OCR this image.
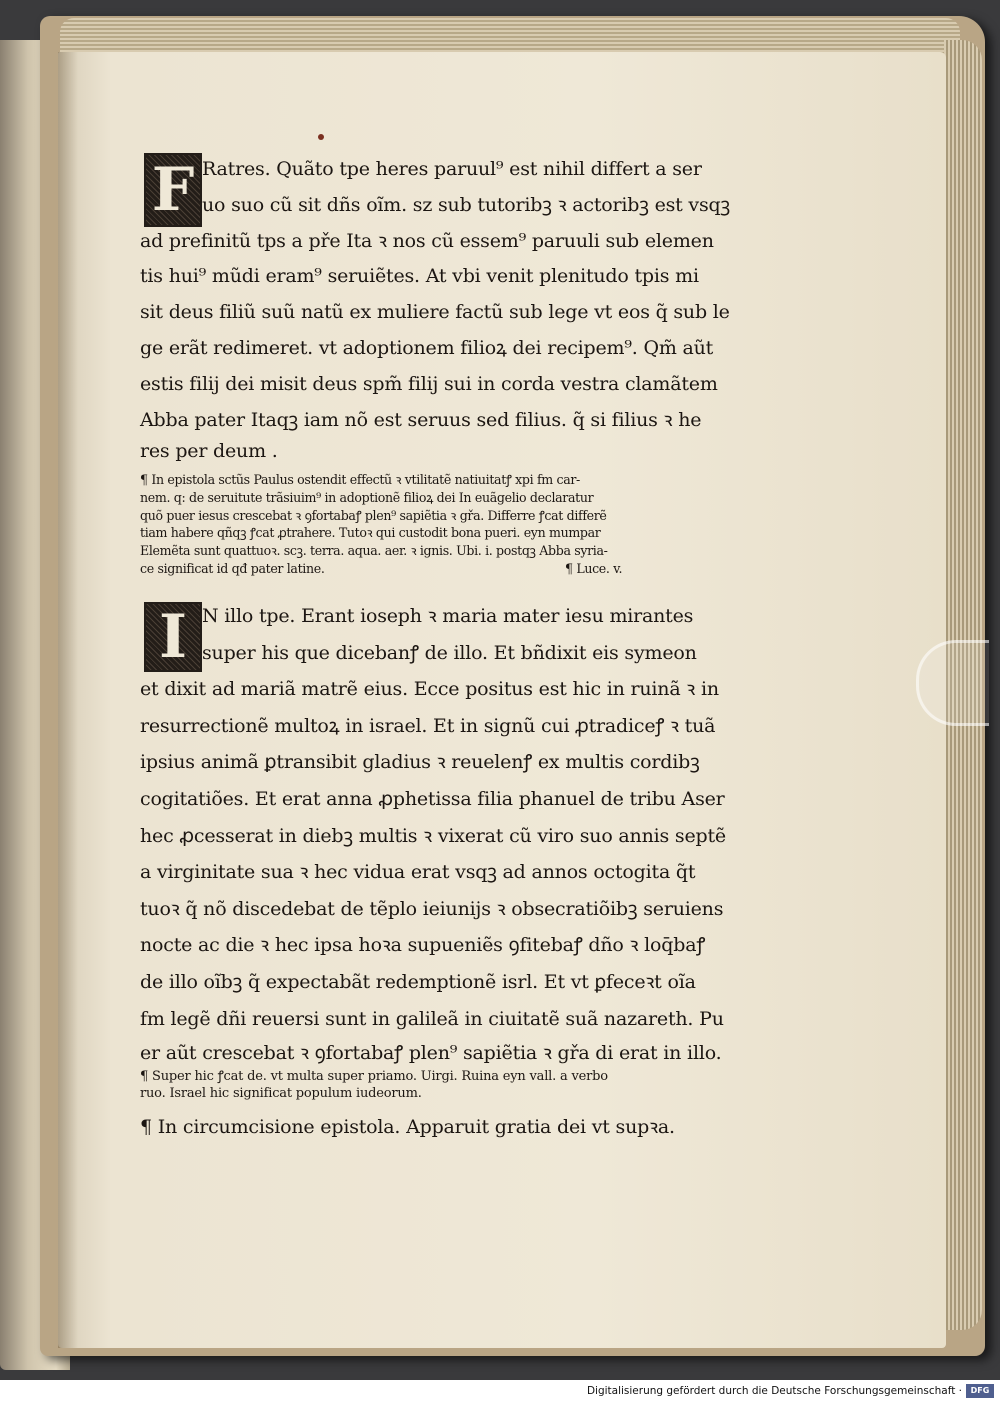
F Ratres. Quãto tpe heres paruul⁹ est nihil differt a ser
uo suo cũ sit dñs oĩm. sz sub tutoribꝫ ꝛ actoribꝫ est vsqꝫ
ad prefinitũ tps a pře Ita ꝛ nos cũ essem⁹ paruuli sub elemen
tis hui⁹ mũdi eram⁹ seruiẽtes. At vbi venit plenitudo tpis mi
sit deus filiũ suũ natũ ex muliere factũ sub lege vt eos q̃ sub le
ge erãt redimeret. vt adoptionem filioꝝ dei recipem⁹. Qm̃ aũt
estis filij dei misit deus spm̃ filij sui in corda vestra clamãtem
Abba pater Itaqꝫ iam nõ est seruus sed filius. q̃ si filius ꝛ he
res per deum .
¶ In epistola sctũs Paulus ostendit effectũ ꝛ vtilitatẽ natiuitatꝭ xpi fm car-
nem. q: de seruitute trãsiuim⁹ in adoptionẽ filioꝝ dei In euãgelio declaratur
quõ puer iesus crescebat ꝛ ꝯfortabaꝭ plen⁹ sapiẽtia ꝛ gřa. Differre ꝭcat differẽ
tiam habere qñqꝫ ꝭcat ꝓtrahere. Tutoꝛ qui custodit bona pueri. eyn mumpar
Elemẽta sunt quattuoꝛ. scꝫ. terra. aqua. aer. ꝛ ignis. Ubi. i. postqꝫ Abba syria-
ce significat id qđ pater latine.	¶ Luce. v.
I N illo tpe. Erant ioseph ꝛ maria mater iesu mirantes
super his que dicebanꝭ de illo. Et bñdixit eis symeon
et dixit ad mariã matrẽ eius. Ecce positus est hic in ruinã ꝛ in
resurrectionẽ multoꝝ in israel. Et in signũ cui ꝓtradiceꝭ ꝛ tuã
ipsius animã ꝑtransibit gladius ꝛ reuelenꝭ ex multis cordibꝫ
cogitatiões. Et erat anna ꝓphetissa filia phanuel de tribu Aser
hec ꝓcesserat in diebꝫ multis ꝛ vixerat cũ viro suo annis septẽ
a virginitate sua ꝛ hec vidua erat vsqꝫ ad annos octogita q̃t
tuoꝛ q̃ nõ discedebat de tẽplo ieiunijs ꝛ obsecratiõibꝫ seruiens
nocte ac die ꝛ hec ipsa hoꝛa supueniẽs ꝯfitebaꝭ dño ꝛ loq̄baꝭ
de illo oĩbꝫ q̃ expectabãt redemptionẽ isrl. Et vt ꝑfeceꝛt oĩa
fm legẽ dñi reuersi sunt in galileã in ciuitatẽ suã nazareth. Pu
er aũt crescebat ꝛ ꝯfortabaꝭ plen⁹ sapiẽtia ꝛ gřa di erat in illo.
¶ Super hic ꝭcat de. vt multa super priamo. Uirgi. Ruina eyn vall. a verbo
ruo. Israel hic significat populum iudeorum.
¶ In circumcisione epistola. Apparuit gratia dei vt supꝛa.
Digitalisierung gefördert durch die Deutsche Forschungsgemeinschaft ·	DFG
